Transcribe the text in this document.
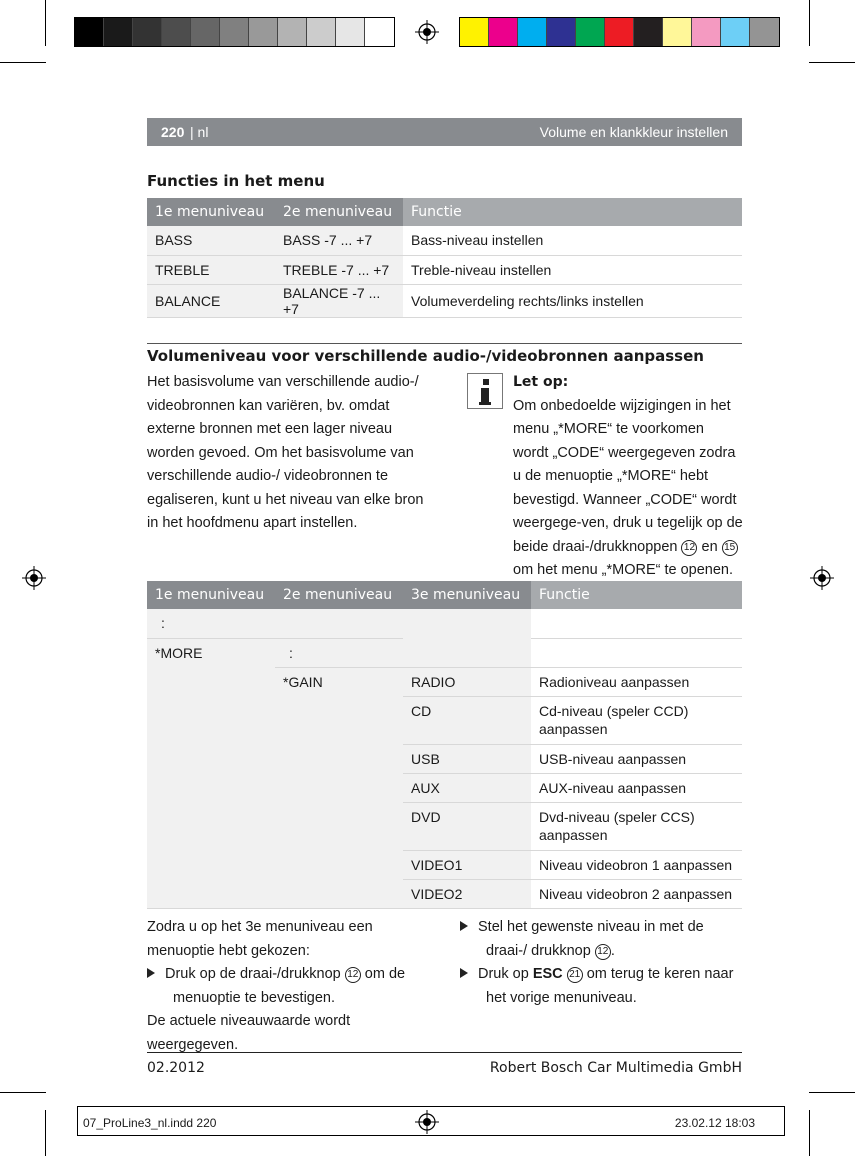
220 | nl	Volume en klankkleur instellen
Functies in het menu
1e menuniveau	2e menuniveau	Functie
BASS	BASS -7 ... +7	Bass-niveau instellen
TREBLE	TREBLE -7 ... +7	Treble-niveau instellen
BALANCE	BALANCE -7 ... +7	Volumeverdeling rechts/links instellen
Volumeniveau voor verschillende audio-/videobronnen aanpassen
Het basisvolume van verschillende audio-/ videobronnen kan variëren, bv. omdat externe bronnen met een lager niveau worden gevoed. Om het basisvolume van verschillende audio-/ videobronnen te egaliseren, kunt u het niveau van elke bron in het hoofdmenu apart instellen.
Let op:
Om onbedoelde wijzigingen in het menu „*MORE“ te voorkomen wordt „CODE“ weergegeven zodra u de menuoptie „*MORE“ hebt bevestigd. Wanneer „CODE“ wordt weergege-ven, druk u tegelijk op de beide draai-/drukknoppen 12 en 15 om het menu „*MORE“ te openen.
1e menuniveau	2e menuniveau	3e menuniveau	Functie
:			
*MORE	:		
	*GAIN	RADIO	Radioniveau aanpassen
		CD	Cd-niveau (speler CCD) aanpassen
		USB	USB-niveau aanpassen
		AUX	AUX-niveau aanpassen
		DVD	Dvd-niveau (speler CCS) aanpassen
		VIDEO1	Niveau videobron 1 aanpassen
		VIDEO2	Niveau videobron 2 aanpassen
Zodra u op het 3e menuniveau een menuoptie hebt gekozen:
Druk op de draai-/drukknop 12 om de menuoptie te bevestigen.
De actuele niveauwaarde wordt weergegeven.
Stel het gewenste niveau in met de draai-/ drukknop 12 .
Druk op ESC 21 om terug te keren naar het vorige menuniveau.
02.2012	Robert Bosch Car Multimedia GmbH
07_ProLine3_nl.indd 220	23.02.12 18:03
